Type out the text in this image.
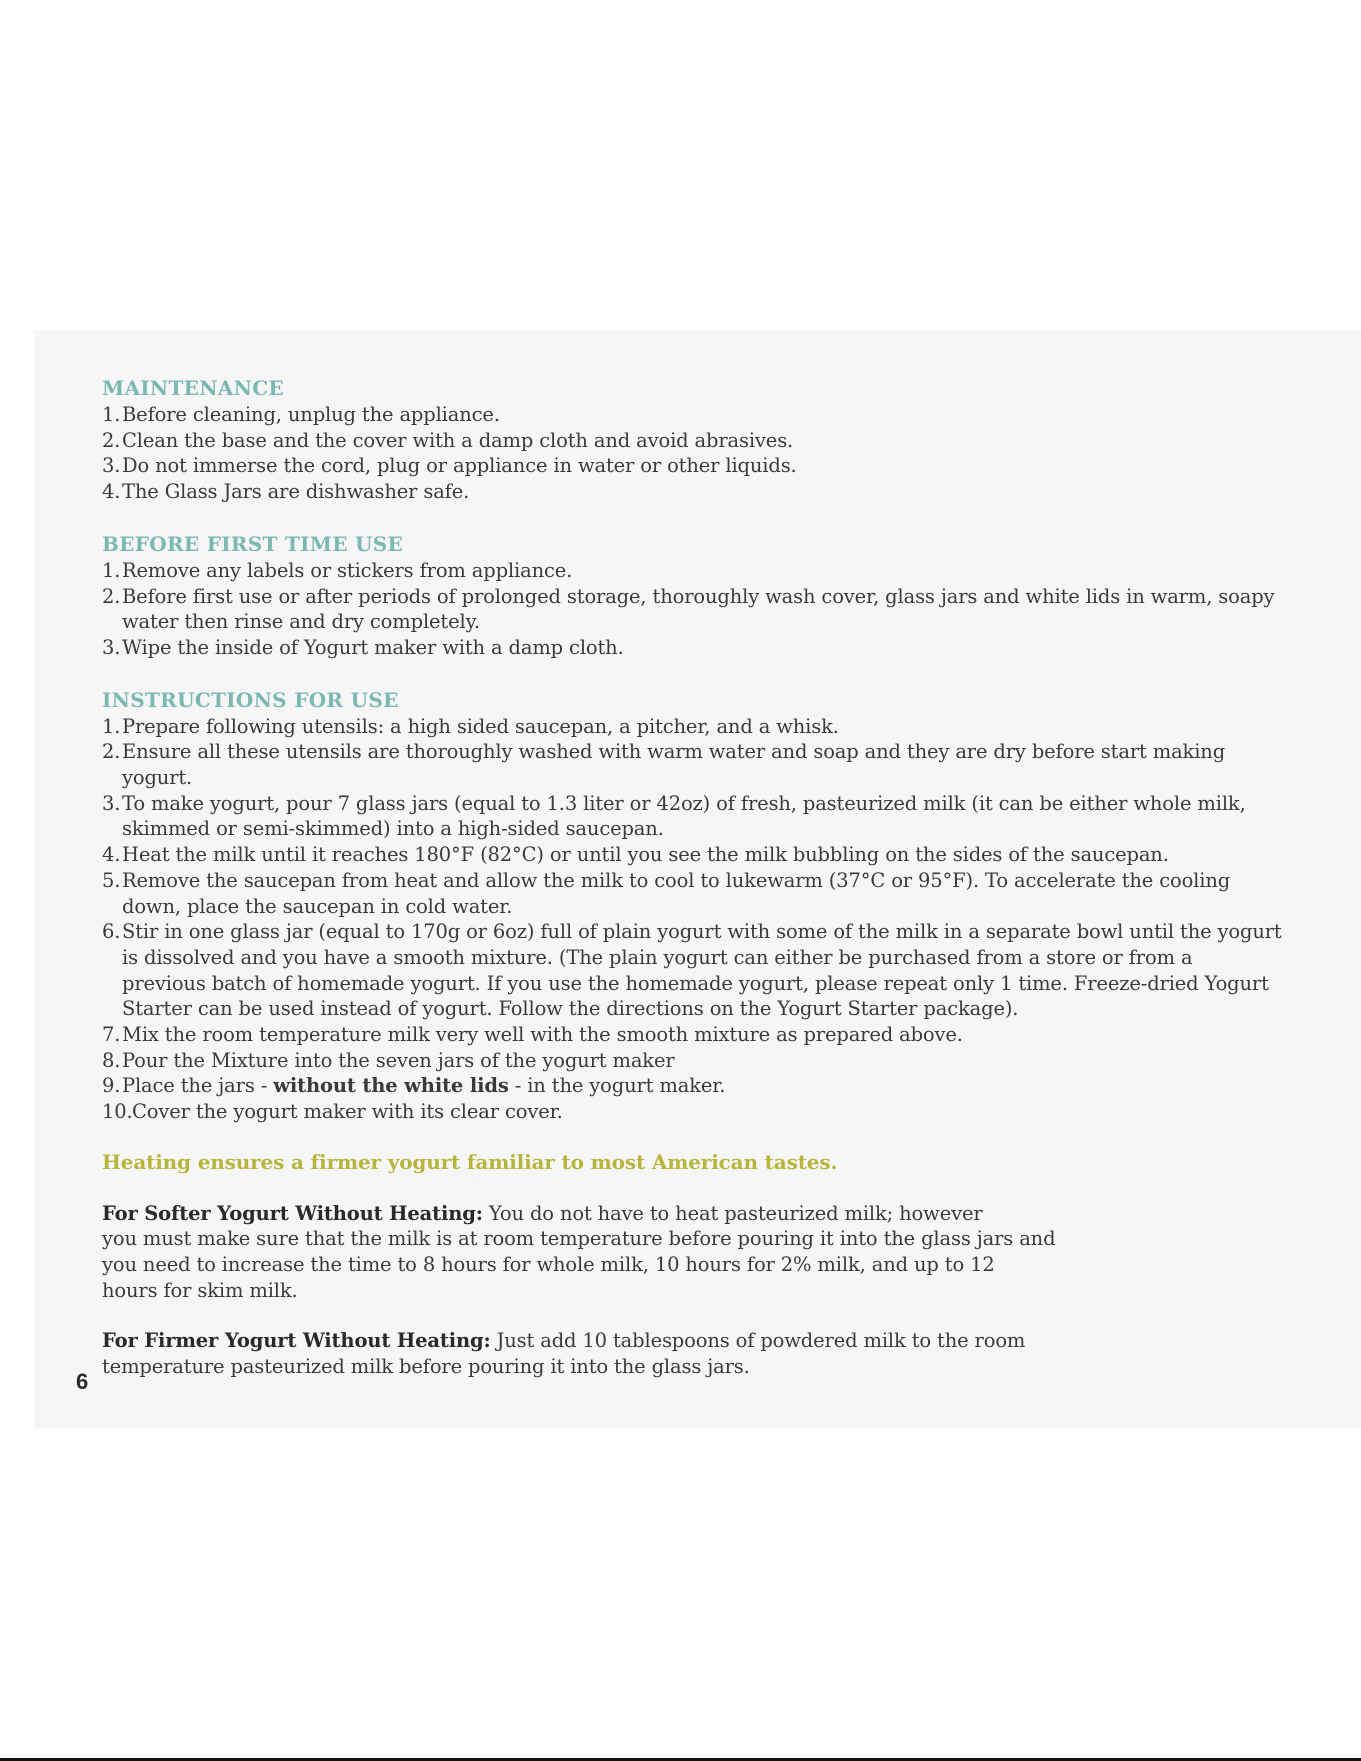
MAINTENANCE
1. Before cleaning, unplug the appliance.
2. Clean the base and the cover with a damp cloth and avoid abrasives.
3. Do not immerse the cord, plug or appliance in water or other liquids.
4. The Glass Jars are dishwasher safe.
BEFORE FIRST TIME USE
1. Remove any labels or stickers from appliance.
2. Before first use or after periods of prolonged storage, thoroughly wash cover, glass jars and white lids in warm, soapy water then rinse and dry completely.
3. Wipe the inside of Yogurt maker with a damp cloth.
INSTRUCTIONS FOR USE
1. Prepare following utensils: a high sided saucepan, a pitcher, and a whisk.
2. Ensure all these utensils are thoroughly washed with warm water and soap and they are dry before start making yogurt.
3. To make yogurt, pour 7 glass jars (equal to 1.3 liter or 42oz) of fresh, pasteurized milk (it can be either whole milk, skimmed or semi-skimmed) into a high-sided saucepan.
4. Heat the milk until it reaches 180°F (82°C) or until you see the milk bubbling on the sides of the saucepan.
5. Remove the saucepan from heat and allow the milk to cool to lukewarm (37°C or 95°F). To accelerate the cooling down, place the saucepan in cold water.
6. Stir in one glass jar (equal to 170g or 6oz) full of plain yogurt with some of the milk in a separate bowl until the yogurt is dissolved and you have a smooth mixture. (The plain yogurt can either be purchased from a store or from a previous batch of homemade yogurt. If you use the homemade yogurt, please repeat only 1 time. Freeze-dried Yogurt Starter can be used instead of yogurt. Follow the directions on the Yogurt Starter package).
7. Mix the room temperature milk very well with the smooth mixture as prepared above.
8. Pour the Mixture into the seven jars of the yogurt maker
9. Place the jars - without the white lids - in the yogurt maker.
10. Cover the yogurt maker with its clear cover.

Heating ensures a firmer yogurt familiar to most American tastes.

For Softer Yogurt Without Heating: You do not have to heat pasteurized milk; however
you must make sure that the milk is at room temperature before pouring it into the glass jars and
you need to increase the time to 8 hours for whole milk, 10 hours for 2% milk, and up to 12
hours for skim milk.

For Firmer Yogurt Without Heating: Just add 10 tablespoons of powdered milk to the room
temperature pasteurized milk before pouring it into the glass jars.

6
